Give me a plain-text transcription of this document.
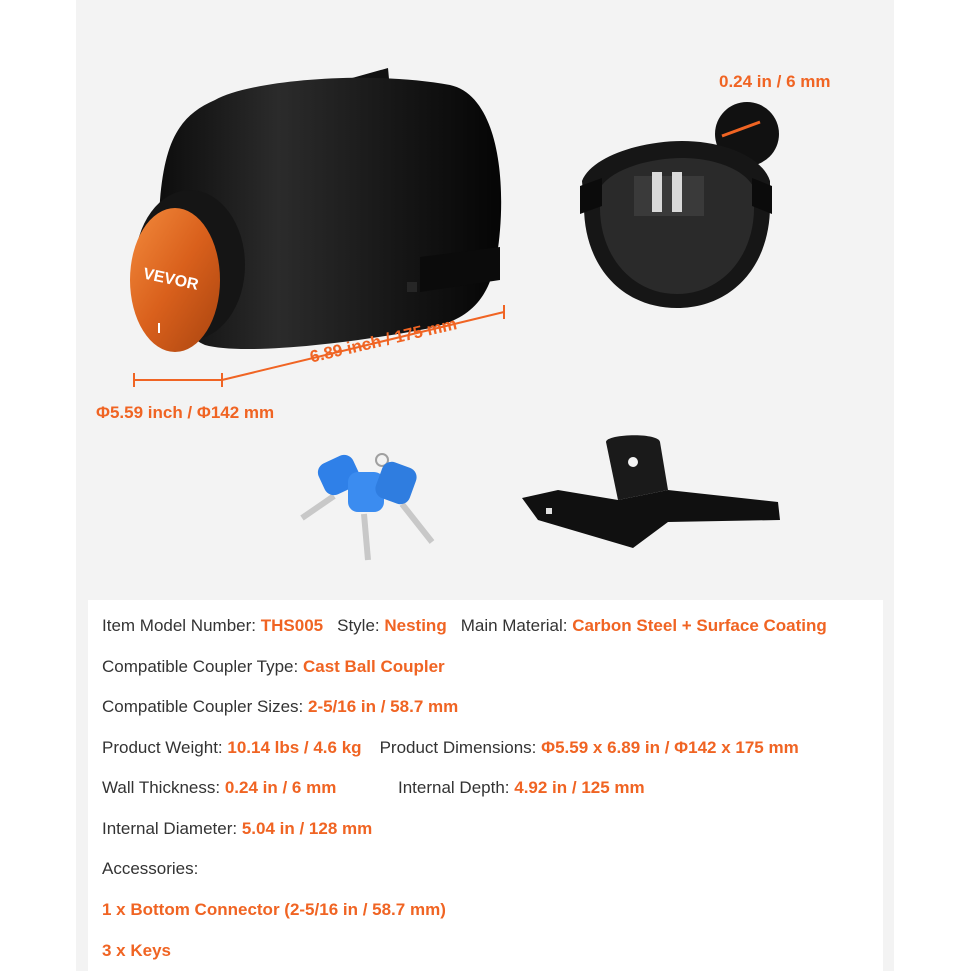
VEVOR
6.89 inch / 175 mm
Φ5.59 inch / Φ142 mm
0.24 in / 6 mm
Item Model Number: THS005 Style: Nesting Main Material: Carbon Steel + Surface Coating
Compatible Coupler Type: Cast Ball Coupler
Compatible Coupler Sizes: 2-5/16 in / 58.7 mm
Product Weight: 10.14 lbs / 4.6 kg Product Dimensions: Φ5.59 x 6.89 in / Φ142 x 175 mm
Wall Thickness: 0.24 in / 6 mm	Internal Depth: 4.92 in / 125 mm
Internal Diameter: 5.04 in / 128 mm
Accessories:
1 x Bottom Connector (2-5/16 in / 58.7 mm)
3 x Keys
